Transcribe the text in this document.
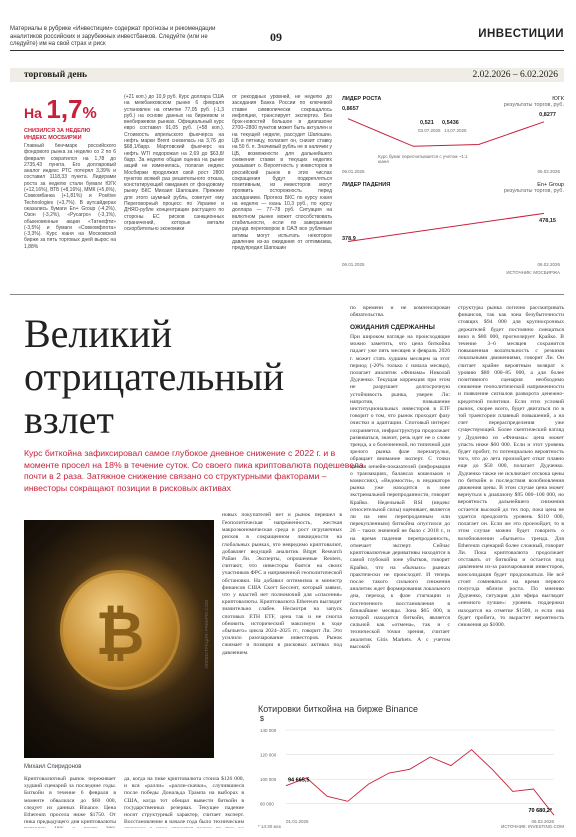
Материалы в рубрике «Инвестиции» содержат прогнозы и рекомендации аналитиков российских и зарубежных инвестбанков. Следуйте (или не следуйте) им на свой страх и риск	09	ИНВЕСТИЦИИ
торговый день	2.02.2026 – 6.02.2026
На 1,7%
СНИЗИЛСЯ ЗА НЕДЕЛЮ ИНДЕКС МОСБИРЖИ
Главный бенчмарк российского фондового рынка за неделю со 2 по 6 февраля сократился на 1,78 до 2735,43 пункта. Его долларовый аналог индекс РТС потерял 3,39% и составил 1118,33 пункта. Лидерами роста за неделю стали бумаги ЮГК (+12,16%), ВТБ (+8,16%), ММК (+5,6%), Совкомбанка (+1,81%) и Positive Technologies (+3,7%). В аутсайдерах оказались бумаги En+ Group (-4,2%), Озон (-3,2%), «Русагро» (-3,1%), обыкновенные акции «Татнефти» (-3,5%) и бумаги «Совкомфлота» (-3,3%). Курс юаня на Московской бирже за пять торговых дней вырос на 1,88%
(+21 коп.) до 10,9 руб. Курс доллара США на межбанковском рынке 6 февраля установлен на отметке 77,05 руб. (-1,3 руб.) на основе данных на биржевом и внебиржевом рынках. Официальный курс евро составил 91,05 руб. (+58 коп.). Стоимость апрельского фьючерса на нефть марки Brent снизилась на 3,76 до $68,1/барр. Мартовский фьючерс на нефть WTI подорожал на 2,69 до $63,8/барр. За неделю общая оценка на рынке акций не изменилась, полагая индекс Мосбиржи продолжил свой рост 2800 пунктов всякий раз решительного отказа, констатирующий ожидания от фондовому рынку БКС Михаил Шапошин. Прежние для этого шумный рубль, советует ему Переговорный процесс по Украине и ДНЯО-рубле концентрации растущего по стороны ЕС рисков санкционных ограничений, которые метали оскорбительно экономики
от рекордных уровней, не неделю до заседания Банка России по ключевой ставке символически сокращалось инфляции, транслирует экспертиз. Без брэк-новостей большое в диапазоне 2700–2800 пунктов может быть актуален и на текущей неделе, рассудит Шапошин. ЦБ в пятницу, полагает он, снизит ставку на 50 б. п. Значимый рубль не в наличии у ЦБ, возможности для дальнейшего снижения ставки в текущих неделях указывает о. Вероятность у инвесторов в российский рынок в этих числах сокращения будут подкрепляться позитивным, из инвесторов могут проявить осторожность перед заседанием. Прогноз БКС по курсу юаня на неделю — юань 10,3 руб., по курсу доллара — 77–78 руб. Ситуация на валютном рынке может способствовать стабильности, если по завершении раунда переговоров в ОАЭ все рублевые активы могут испытать некоторое давление из-за ожидания от оптимизма, предупредил Шапошин
ЛИДЕР РОСТА	ЮГК
результаты торгов, руб.
0,8657
0,521 0,5436
03.07.2025 14.07.2025
0,8277
Курс бумаг пересчитывается с учетом ~1:1 юаня
06.01.2025	06.02.2026
ЛИДЕР ПАДЕНИЯ	En+ Group
результаты торгов, руб.
378,9
478,15
06.01.2025	06.02.2026
ИСТОЧНИК: МОСБИРЖА
Великий отрицательный взлет
Курс биткойна зафиксировал самое глубокое дневное снижение с 2022 г. и в моменте просел на 18% в течение суток. Со своего пика криптовалюта подешевела почти в 2 раза. Затяжное снижение связано со структурными факторами – инвесторы сокращают позиции в рисковых активах
₿	ИЛЛЮСТРАЦИЯ: FREEPIK.COM
Михаил Спиридонов
Криптовалютный рынок переживает худший сценарий за последние годы. Биткойн в течение 6 февраля в моменте обвалился до $60 000, следует из данных Binance. Цена Ethereum просела ниже $1750. От пика предыдущего дня криптовалюты
да, когда на пике криптовалюта стоила $126 000, и вся «ралли» «ралли-скачки», случившиеся после победы Дональда Трампа на выборах в США, когда тот обещал вывести биткойн в государственных резервах. Текущее падение носит структурный характер, считает эксперт. Восстановление в начале года было техническим
Геополитическая напряженность, жесткая макроэкономическая среда и рост игрушечных рисков в сокращенном ликвидности на глобальных рынках, что невредимо криптовалют, добавляет ведущий аналитик Bitget Research Райан Ли. Эксперты, опрошенные Reuters, считают, что инвесторы боятся на своих участников ФРС и напряженной геополитической обстановки. На добавил оптимизма и министр финансов США Скотт Бессент, который заявил, что у властей нет полномочий для «спасения» криптовалюты. Криптовалюта Ethereum выглядит значительно слабее. Несмотря на запуск спотовых ETH ETF, цена так и не смогла обновить исторический максимум в ходе «бычьего» цикла 2024–2025 гг., говорит Ли. Это усилило разочарование инвесторов. Рынок сжимает и позиции в рисковых активах под давлением.
новых покупателей нет и рынок перешел в
по времени и не компенсирован обязательства.
ОЖИДАНИЯ СДЕРЖАННЫ
При широком взгляде на происходящие можно заметить, что цена биткойна падает уже пять месяцев и февраль 2026 г. может стать худшим месяцем за этот период (-20% только с начала месяца), полагает аналитик «Финама» Николай Дудченко. Текущая коррекция при этом не разрушает долгосрочную устойчивость рынка, уверен Ли: напротив, повышение институциональных инвесторов в ETF говорит о том, что рынок проходит фазу очистки и адаптации. Спотовый интерес сохраняется, инфраструктура продолжает развиваться, значит, речь идет не о слове тренда, а о болезненной, но типичной для зрелого рынка фазе перезагрузки, обращает внимание эксперт. С точки зрения ончейн-показателей (информация о транзакциях, балансах кошельков и комиссиях), «Ведомости», в индикаторе рынка уже находится в зоне экстремальной перепроданности, говорит Крайко. Недельный RSI (индекс относительной силы) оценивает, является ли на нем перепроданным или перекупленным) биткойна опустился до 26 – таких значений не было с 2018 г., и на время падения перепроданность, отмечает эксперт. Сейчас криптовалютные деривативы находятся в самой глубокой зоне убытков, говорит Крайко, что на «бычьих» рынках практически не происходит. И теперь после такого сильного снижения аналитик ждет формирования локального дна, переход к фазе стагнации и постепенного восстановления в ближайшие месяцы. Зона $65 000, в которой находится биткойн, является сильной как «отмена», так и с технической точки зрения, считает аналитик Gitis Markets. А с учетом высокой
структуры рынка логично рассматривать финансов, так как зона безубыточности стоящих $94 000 для крупносрочных держателей будет постоянно смещаться вниз в $80 000, прогнозирует Крайко. В течение 3–6 месяцев сохранится повышенная волатильность с резкими локальными движениями, говорит Ли. Он считает крайне вероятным возврат к уровню $80 000–85 000, а для более позитивного сценария необходимо снижение геополитической напряженности и появление сигналов разворота денежно-кредитной политики. Если этих условий рынок, скорее всего, будет двигаться по в той траектории плавный повышений, а на счет перераспределения уже существующей. Более скептический взгляд у Дудченко из «Финама»: цена может упасть ниже $60 000. Если и этот уровень будет пробит, то потенциально вероятность того, что до лета произойдет откат плавно еще до $50 000, полагает Дудченко. Дудченко также не исключает отскока цены по биткойн и последствия возобновления движения цены. В этом случае цена может вернуться к диапазону $95 000–100 000, но вероятность дальнейшего снижения остается высокой до тех пор, пока цена не удается преодолеть уровень $110 000, полагает он. Если же это произойдет, то в этом случае можно будет говорить о возобновлении «бычьего» тренда. Для Ethereum сценарий более сложный, говорит Ли. Пока криптовалюта продолжает отставать от биткойна и остается под давлением из-за разочарования инвесторов, консолидация будет продолжаться. Не всё стоит сомневаться на время первого полугода вблизи роста. По мнению Дудченко, ситуация для эфира выглядит «немного лучше»: уровень поддержки находится на отметке $1500, и если она будет пробита, то вырастет вероятность снижения до $1000.
Котировки биткойна на бирже Binance
$
140 000
120 000
100 000
80 000
94 665,5
70 680,2*
01.01.2025	06.02.2026
* 14:30 мск	ИСТОЧНИК: INVESTING.COM
